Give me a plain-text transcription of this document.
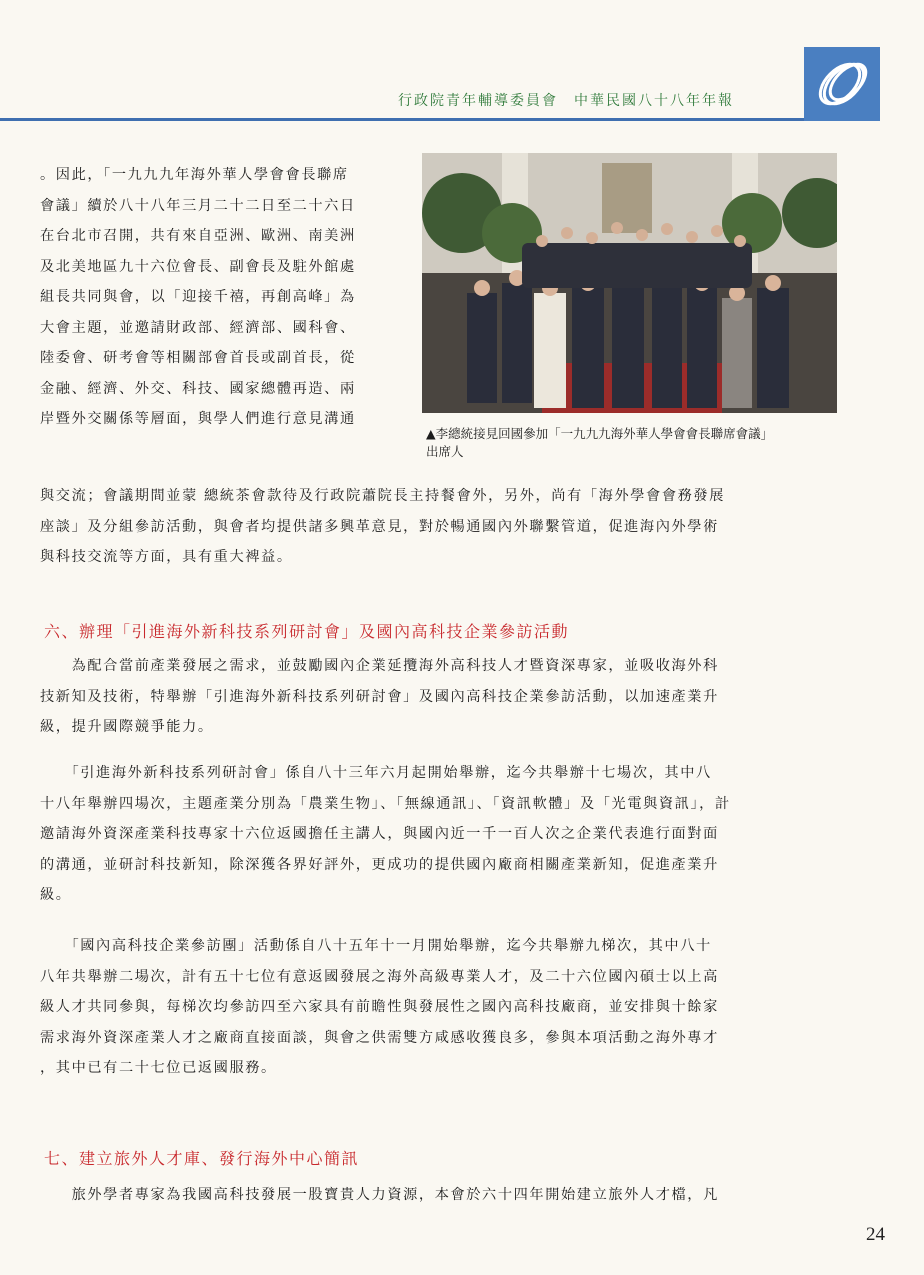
行政院青年輔導委員會　中華民國八十八年年報
。因此，「一九九九年海外華人學會會長聯席
會議」續於八十八年三月二十二日至二十六日
在台北市召開，共有來自亞洲、歐洲、南美洲
及北美地區九十六位會長、副會長及駐外館處
組長共同與會，以「迎接千禧，再創高峰」為
大會主題，並邀請財政部、經濟部、國科會、
陸委會、研考會等相關部會首長或副首長，從
金融、經濟、外交、科技、國家總體再造、兩
岸暨外交關係等層面，與學人們進行意見溝通
▲李總統接見回國參加「一九九九海外華人學會會長聯席會議」
出席人
與交流；會議期間並蒙 總統茶會款待及行政院蕭院長主持餐會外，另外，尚有「海外學會會務發展
座談」及分組參訪活動，與會者均提供諸多興革意見，對於暢通國內外聯繫管道，促進海內外學術
與科技交流等方面，具有重大裨益。
六、辦理「引進海外新科技系列研討會」及國內高科技企業參訪活動
　　為配合當前產業發展之需求，並鼓勵國內企業延攬海外高科技人才暨資深專家，並吸收海外科
技新知及技術，特舉辦「引進海外新科技系列研討會」及國內高科技企業參訪活動，以加速產業升
級，提升國際競爭能力。
　　「引進海外新科技系列研討會」係自八十三年六月起開始舉辦，迄今共舉辦十七場次，其中八
十八年舉辦四場次，主題產業分別為「農業生物」、「無線通訊」、「資訊軟體」及「光電與資訊」，計
邀請海外資深產業科技專家十六位返國擔任主講人，與國內近一千一百人次之企業代表進行面對面
的溝通，並研討科技新知，除深獲各界好評外，更成功的提供國內廠商相關產業新知，促進產業升
級。
　　「國內高科技企業參訪團」活動係自八十五年十一月開始舉辦，迄今共舉辦九梯次，其中八十
八年共舉辦二場次，計有五十七位有意返國發展之海外高級專業人才，及二十六位國內碩士以上高
級人才共同參與，每梯次均參訪四至六家具有前瞻性與發展性之國內高科技廠商，並安排與十餘家
需求海外資深產業人才之廠商直接面談，與會之供需雙方咸感收獲良多，參與本項活動之海外專才
，其中已有二十七位已返國服務。
七、建立旅外人才庫、發行海外中心簡訊
　　旅外學者專家為我國高科技發展一股寶貴人力資源，本會於六十四年開始建立旅外人才檔，凡
24
